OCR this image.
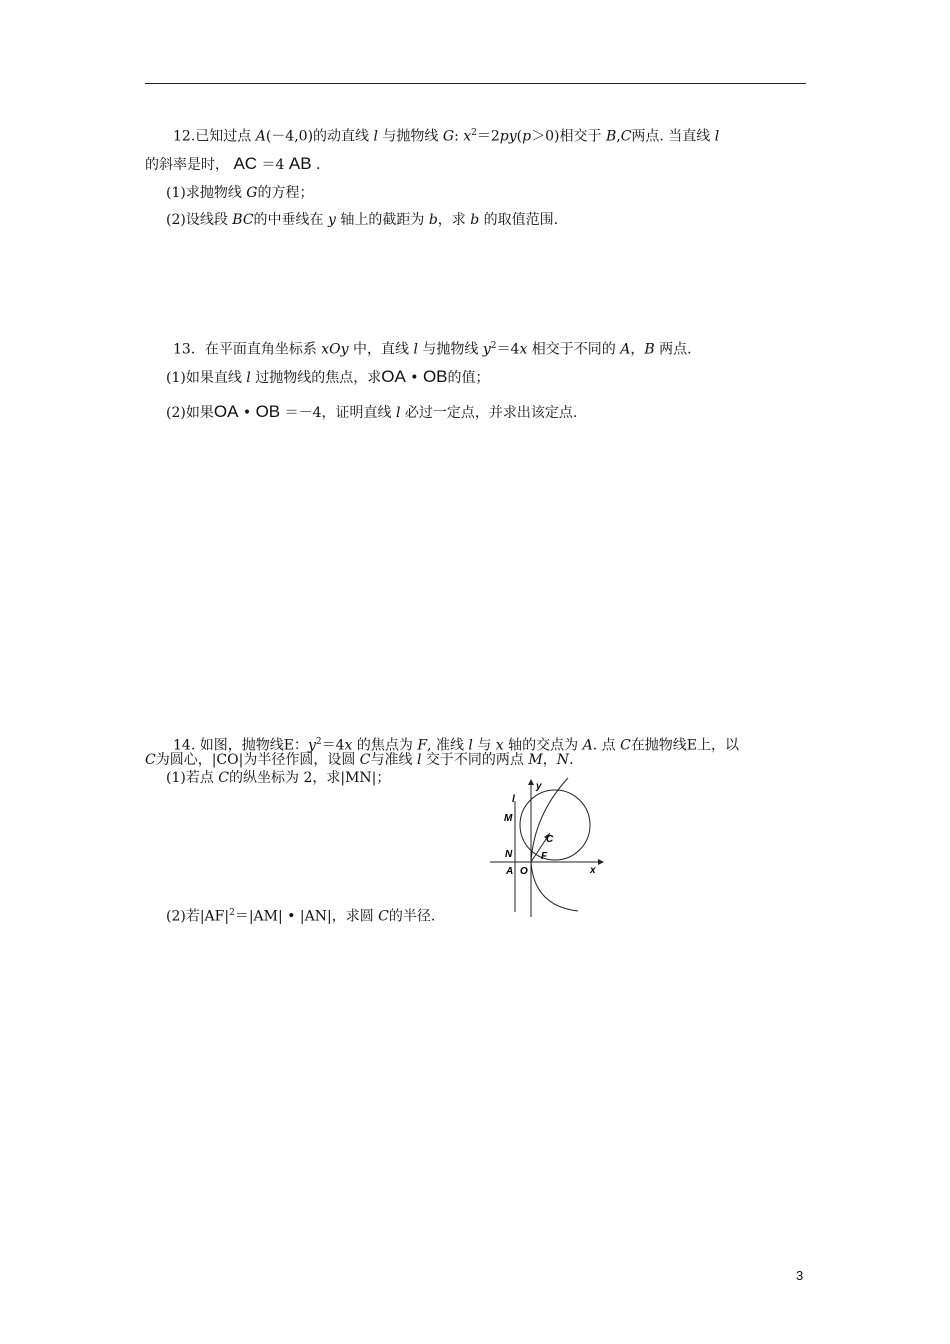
12.已知过点 A(－4,0)的动直线 l 与抛物线 G: $x^2=2py(p>0)$相交于 B,C两点. 当直线 l
的斜率是时， AC ＝4 AB .
(1)求抛物线 G的方程；
(2)设线段 BC的中垂线在 y 轴上的截距为 b，求 b 的取值范围.
13．在平面直角坐标系 xOy 中，直线 l 与抛物线 $y^2=4x$ 相交于不同的 A，B 两点.
(1)如果直线 l 过抛物线的焦点，求OA • OB的值；
(2)如果OA • OB ＝－4，证明直线 l 必过一定点，并求出该定点.
14. 如图，抛物线E：$y^2=4x$ 的焦点为 F, 准线 l 与 x 轴的交点为 A. 点 C在抛物线E上，以
C为圆心，|CO|为半径作圆，设圆 C与准线 l 交于不同的两点 M，N.
(1)若点 C的纵坐标为 2，求|MN|；
(2)若$|AF|^2=|AM|$ • |AN|，求圆 C的半径.
y
x
l
M
C
N	F
A O
3
